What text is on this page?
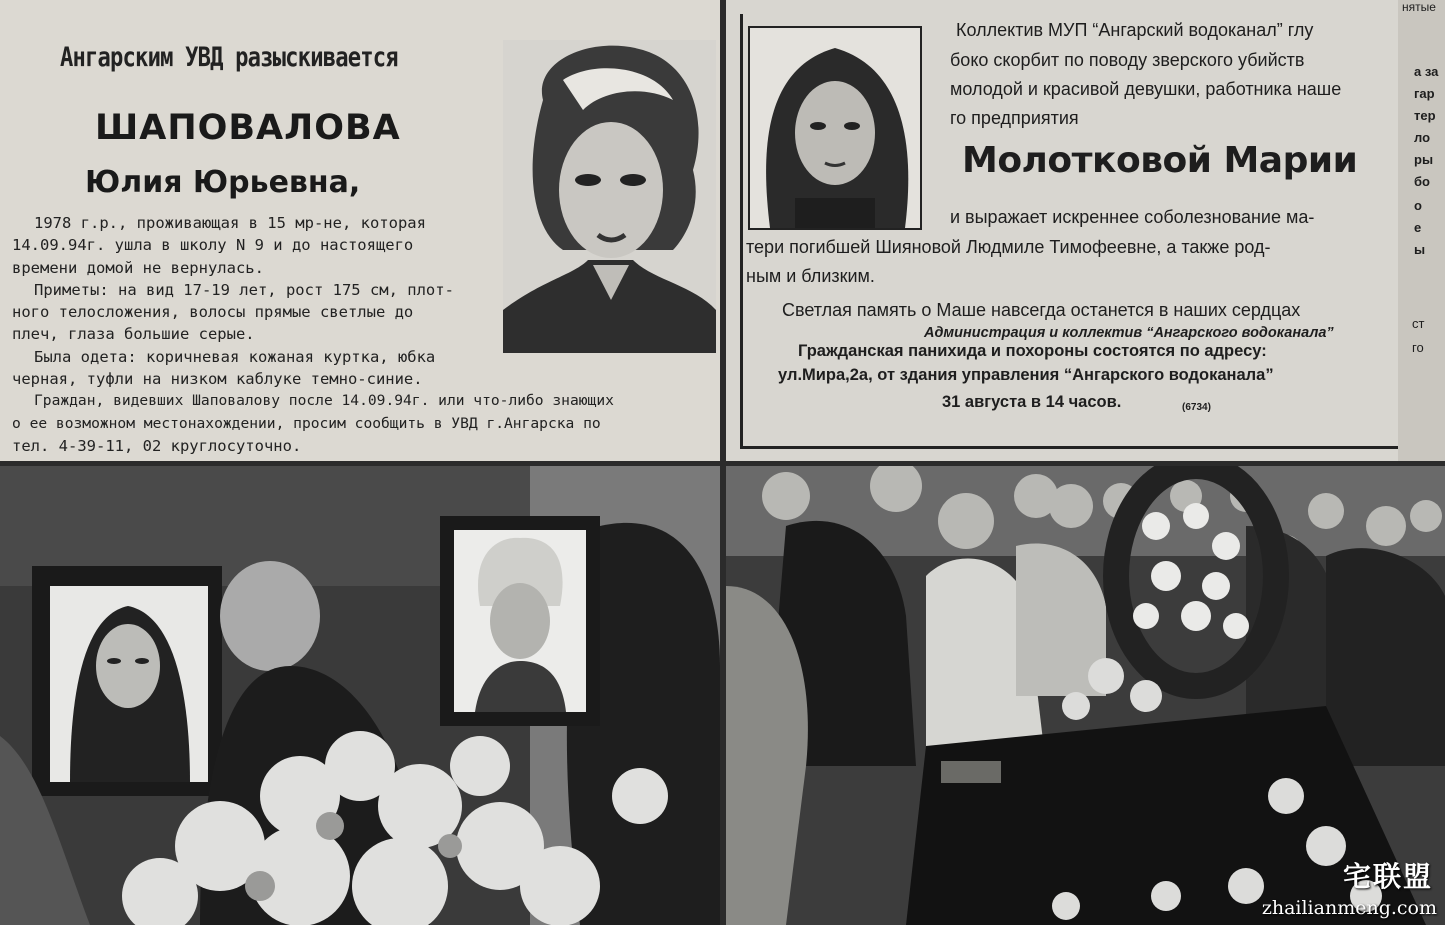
Ангарским УВД разыскивается
ШАПОВАЛОВА
Юлия Юрьевна,

1978 г.р., проживающая в 15 мр-не, которая

14.09.94г. ушла в школу N 9 и до настоящего

времени домой не вернулась.

Приметы: на вид 17-19 лет, рост 175 см, плот-

ного телосложения, волосы прямые светлые до

плеч, глаза большие серые.

Была одета: коричневая кожаная куртка, юбка

черная, туфли на низком каблуке темно-синие.

Граждан, видевших Шаповалову после 14.09.94г. или что-либо знающих

о ее возможном местонахождении, просим сообщить в УВД г.Ангарска по

тел. 4-39-11, 02 круглосуточно.

Коллектив МУП “Ангарский водоканал” глу
боко скорбит по поводу зверского убийств
молодой и красивой девушки, работника наше
го предприятия
Молотковой Марии
и выражает искреннее соболезнование ма-
тери погибшей Шияновой Людмиле Тимофеевне, а также род-
ным и близким.
Светлая память о Маше навсегда останется в наших сердцах
Администрация и коллектив “Ангарского водоканала”
Гражданская панихида и похороны состоятся по адресу:
ул.Мира,2а, от здания управления “Ангарского водоканала”
31 августа в 14 часов.	(6734)
нятые
а за
гар
тер
ло
ры
бо
о
е
ы
ст
го
宅联盟
zhailianmeng.com
